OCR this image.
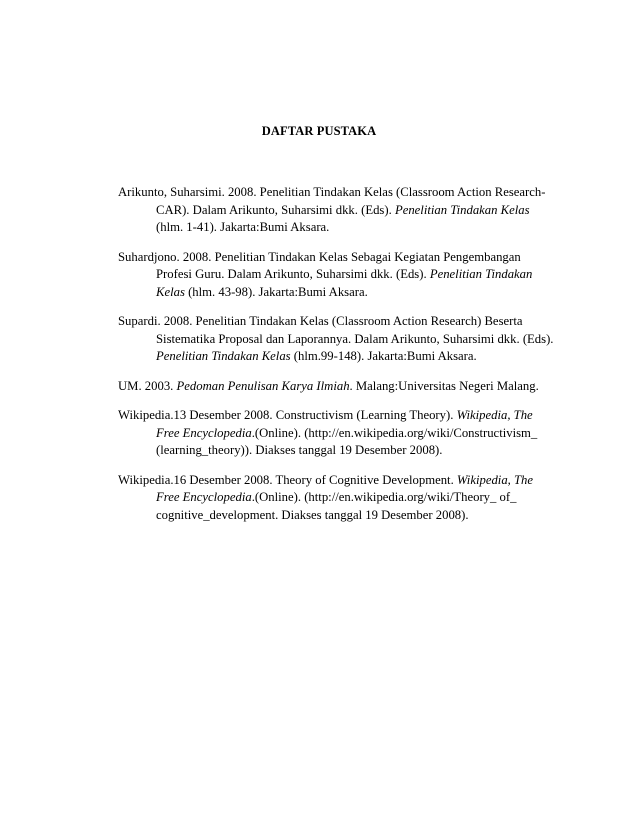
DAFTAR PUSTAKA
Arikunto, Suharsimi. 2008. Penelitian Tindakan Kelas (Classroom Action Research-
CAR). Dalam Arikunto, Suharsimi dkk. (Eds). Penelitian Tindakan Kelas
(hlm. 1-41). Jakarta:Bumi Aksara.
Suhardjono. 2008. Penelitian Tindakan Kelas Sebagai Kegiatan Pengembangan
Profesi Guru. Dalam Arikunto, Suharsimi dkk. (Eds). Penelitian Tindakan
Kelas (hlm. 43-98). Jakarta:Bumi Aksara.
Supardi. 2008. Penelitian Tindakan Kelas (Classroom Action Research) Beserta
Sistematika Proposal dan Laporannya. Dalam Arikunto, Suharsimi dkk. (Eds).
Penelitian Tindakan Kelas (hlm.99-148). Jakarta:Bumi Aksara.
UM. 2003. Pedoman Penulisan Karya Ilmiah. Malang:Universitas Negeri Malang.
Wikipedia.13 Desember 2008. Constructivism (Learning Theory). Wikipedia, The
Free Encyclopedia.(Online). (http://en.wikipedia.org/wiki/Constructivism_
(learning_theory)). Diakses tanggal 19 Desember 2008).
Wikipedia.16 Desember 2008. Theory of Cognitive Development. Wikipedia, The
Free Encyclopedia.(Online). (http://en.wikipedia.org/wiki/Theory_ of_
cognitive_development. Diakses tanggal 19 Desember 2008).
